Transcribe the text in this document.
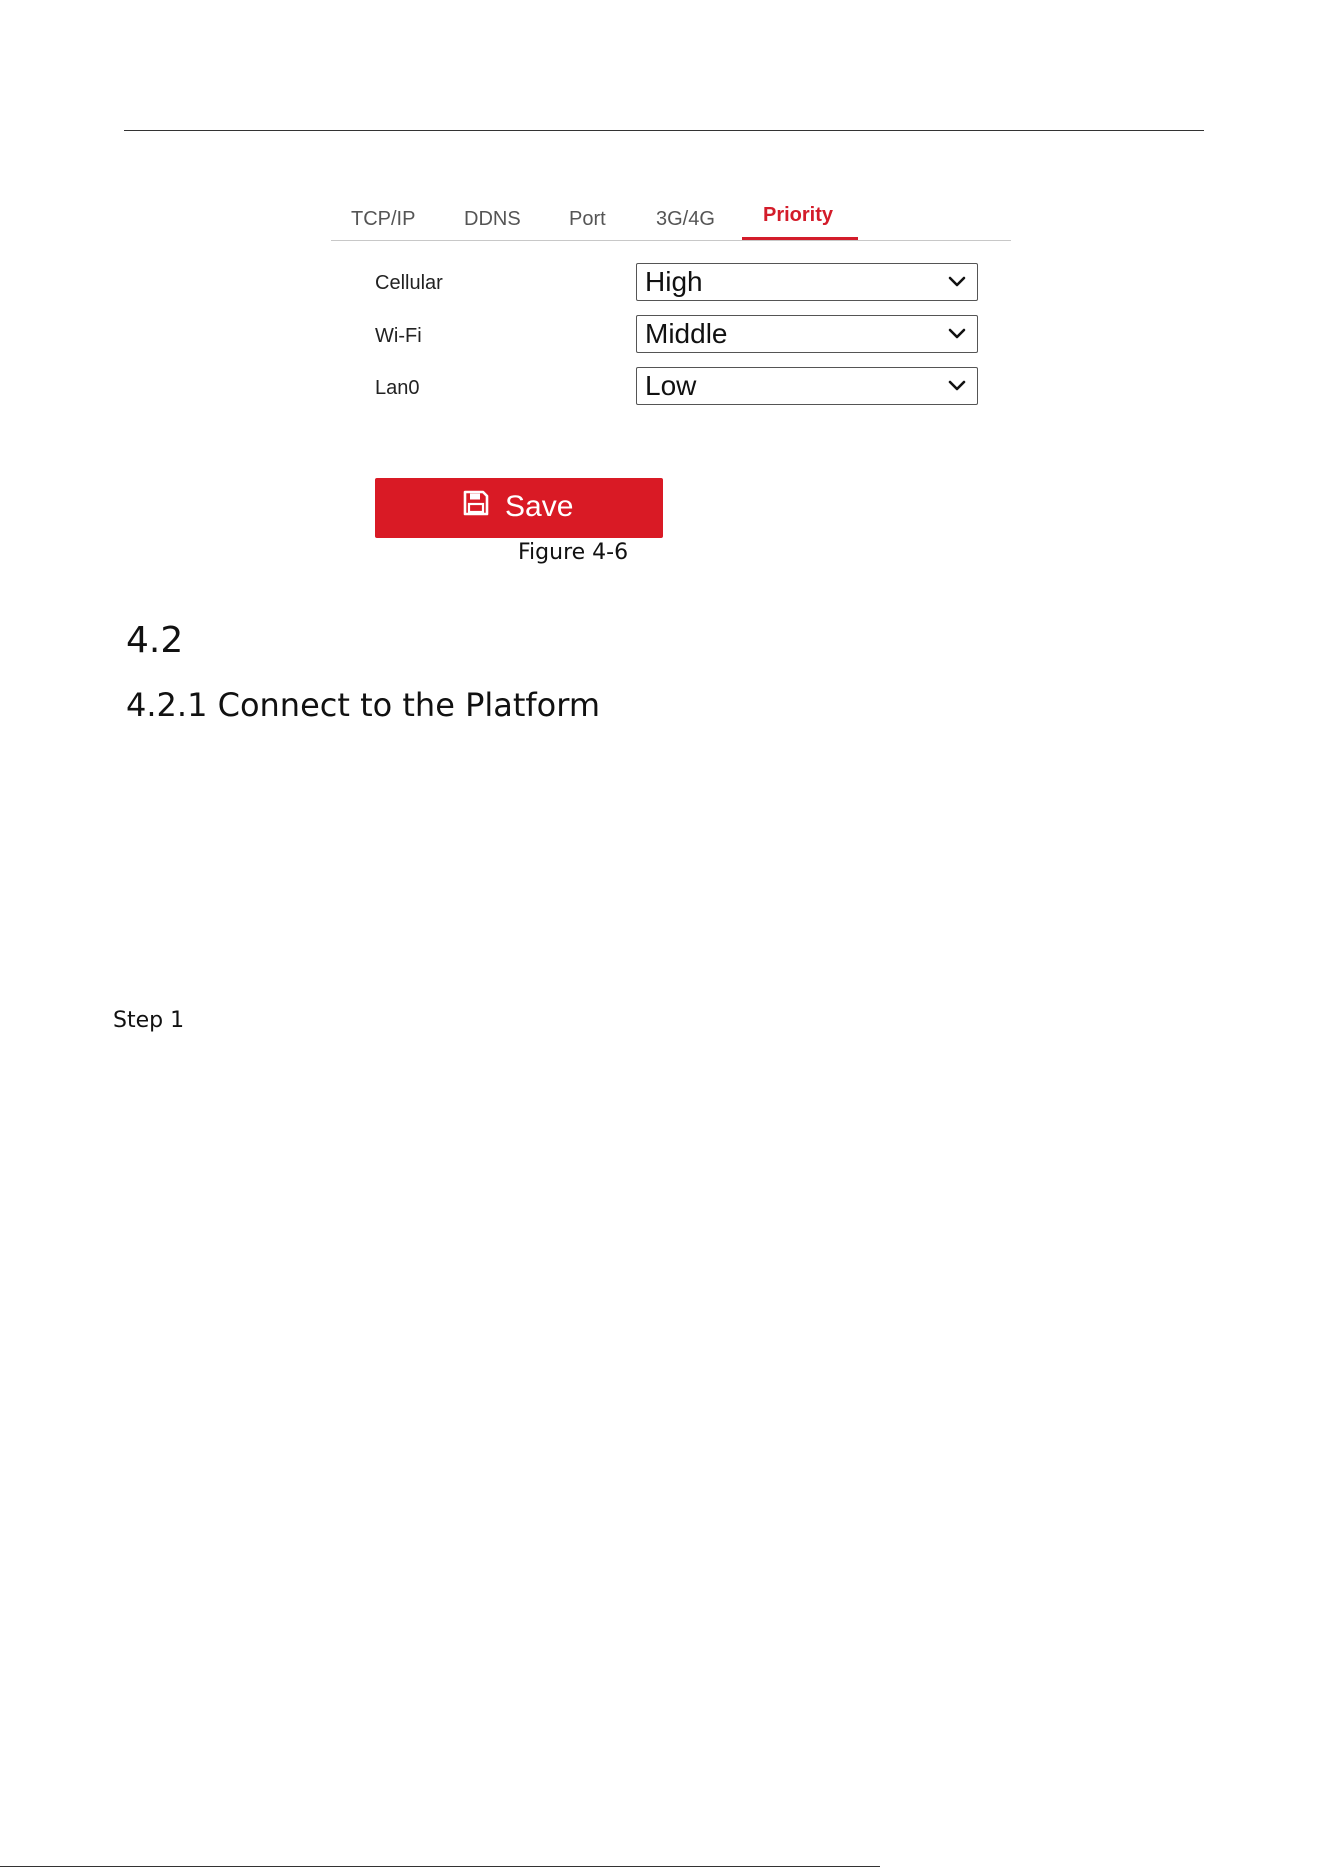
TCP/IP DDNS Port	3G/4G Priority
Cellular	High
Wi-Fi	Middle
Lan0	Low
Save
Figure 4-6
4.2
4.2.1 Connect to the Platform
Step 1
